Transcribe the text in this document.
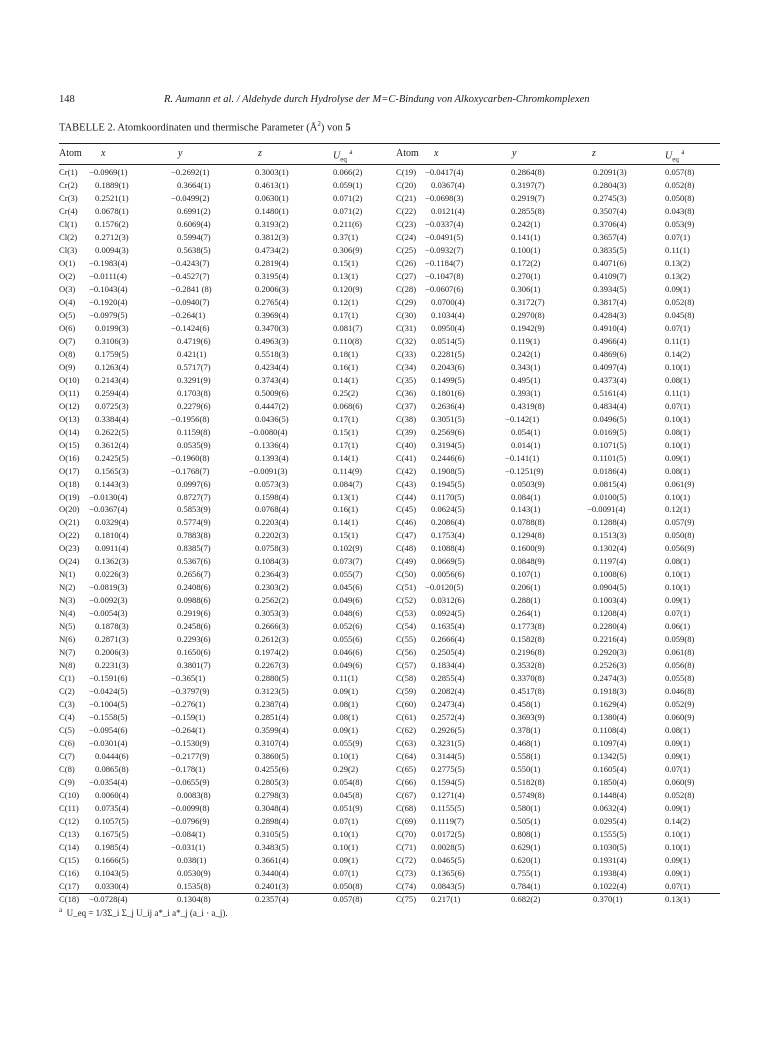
148	R. Aumann et al. / Aldehyde durch Hydrolyse der M=C-Bindung von Alkoxycarben-Chromkomplexen
TABELLE 2. Atomkoordinaten und thermische Parameter $(Å^2)$ von 5
Atom x	y	z	$U_{eq}$ $^a$	Atom x	y	z	$U_{eq}$ $^a$
Cr(1) −0.0969(1)	−0.2692(1)	0.3003(1)	0.066(2)	C(19) −0.0417(4)	0.2864(8)	0.2091(3)	0.057(8)
Cr(2) 0.1889(1)	0.3664(1)	0.4613(1)	0.059(1)	C(20) 0.0367(4)	0.3197(7)	0.2804(3)	0.052(8)
Cr(3) 0.2521(1)	−0.0499(2)	0.0630(1)	0.071(2)	C(21) −0.0698(3)	0.2919(7)	0.2745(3)	0.050(8)
Cr(4) 0.0678(1)	0.6991(2)	0.1480(1)	0.071(2)	C(22) 0.0121(4)	0.2855(8)	0.3507(4)	0.043(8)
Cl(1) 0.1576(2)	0.6069(4)	0.3193(2)	0.211(6)	C(23) −0.0337(4)	0.242(1)	0.3706(4)	0.053(9)
Cl(2) 0.2712(3)	0.5994(7)	0.3812(3)	0.37(1)	C(24) −0.0491(5)	0.141(1)	0.3657(4)	0.07(1)
Cl(3) 0.0094(3)	0.5638(5)	0.4734(2)	0.306(9)	C(25) −0.0932(7)	0.100(1)	0.3835(5)	0.11(1)
O(1) −0.1983(4)	−0.4243(7)	0.2819(4)	0.15(1)	C(26) −0.1184(7)	0.172(2)	0.4071(6)	0.13(2)
O(2) −0.0111(4)	−0.4527(7)	0.3195(4)	0.13(1)	C(27) −0.1047(8)	0.270(1)	0.4109(7)	0.13(2)
O(3) −0.1043(4)	−0.2841 (8)	0.2006(3)	0.120(9)	C(28) −0.0607(6)	0.306(1)	0.3934(5)	0.09(1)
O(4) −0.1920(4)	−0.0940(7)	0.2765(4)	0.12(1)	C(29) 0.0700(4)	0.3172(7)	0.3817(4)	0.052(8)
O(5) −0.0979(5)	−0.264(1)	0.3969(4)	0.17(1)	C(30) 0.1034(4)	0.2970(8)	0.4284(3)	0.045(8)
O(6) 0.0199(3)	−0.1424(6)	0.3470(3)	0.081(7)	C(31) 0.0950(4)	0.1942(9)	0.4910(4)	0.07(1)
O(7) 0.3106(3)	0.4719(6)	0.4963(3)	0.110(8)	C(32) 0.0514(5)	0.119(1)	0.4966(4)	0.11(1)
O(8) 0.1759(5)	0.421(1)	0.5518(3)	0.18(1)	C(33) 0.2281(5)	0.242(1)	0.4869(6)	0.14(2)
O(9) 0.1263(4)	0.5717(7)	0.4234(4)	0.16(1)	C(34) 0.2043(6)	0.343(1)	0.4097(4)	0.10(1)
O(10) 0.2143(4)	0.3291(9)	0.3743(4)	0.14(1)	C(35) 0.1499(5)	0.495(1)	0.4373(4)	0.08(1)
O(11) 0.2594(4)	0.1703(8)	0.5009(6)	0.25(2)	C(36) 0.1801(6)	0.393(1)	0.5161(4)	0.11(1)
O(12) 0.0725(3)	0.2279(6)	0.4447(2)	0.068(6)	C(37) 0.2636(4)	0.4319(8)	0.4834(4)	0.07(1)
O(13) 0.3384(4)	−0.1956(8)	0.0436(5)	0.17(1)	C(38) 0.3051(5)	−0.142(1)	0.0496(5)	0.10(1)
O(14) 0.2622(5)	0.1159(8)	−0.0080(4)	0.15(1)	C(39) 0.2569(6)	0.054(1)	0.0169(5)	0.08(1)
O(15) 0.3612(4)	0.0535(9)	0.1336(4)	0.17(1)	C(40) 0.3194(5)	0.014(1)	0.1071(5)	0.10(1)
O(16) 0.2425(5)	−0.1960(8)	0.1393(4)	0.14(1)	C(41) 0.2446(6)	−0.141(1)	0.1101(5)	0.09(1)
O(17) 0.1565(3)	−0.1768(7)	−0.0091(3)	0.114(9)	C(42) 0.1908(5)	−0.1251(9)	0.0186(4)	0.08(1)
O(18) 0.1443(3)	0.0997(6)	0.0573(3)	0.084(7)	C(43) 0.1945(5)	0.0503(9)	0.0815(4)	0.061(9)
O(19) −0.0130(4)	0.8727(7)	0.1598(4)	0.13(1)	C(44) 0.1170(5)	0.084(1)	0.0100(5)	0.10(1)
O(20) −0.0367(4)	0.5853(9)	0.0768(4)	0.16(1)	C(45) 0.0624(5)	0.143(1)	−0.0091(4)	0.12(1)
O(21) 0.0329(4)	0.5774(9)	0.2203(4)	0.14(1)	C(46) 0.2086(4)	0.0788(8)	0.1288(4)	0.057(9)
O(22) 0.1810(4)	0.7883(8)	0.2202(3)	0.15(1)	C(47) 0.1753(4)	0.1294(8)	0.1513(3)	0.050(8)
O(23) 0.0911(4)	0.8385(7)	0.0758(3)	0.102(9)	C(48) 0.1088(4)	0.1600(9)	0.1302(4)	0.056(9)
O(24) 0.1362(3)	0.5367(6)	0.1084(3)	0.073(7)	C(49) 0.0669(5)	0.0848(9)	0.1197(4)	0.08(1)
N(1) 0.0226(3)	0.2656(7)	0.2364(3)	0.055(7)	C(50) 0.0056(6)	0.107(1)	0.1008(6)	0.10(1)
N(2) −0.0819(3)	0.2408(6)	0.2303(2)	0.045(6)	C(51) −0.0120(5)	0.206(1)	0.0904(5)	0.10(1)
N(3) −0.0092(3)	0.0988(6)	0.2562(2)	0.049(6)	C(52) 0.0312(6)	0.288(1)	0.1003(4)	0.09(1)
N(4) −0.0054(3)	0.2919(6)	0.3053(3)	0.048(6)	C(53) 0.0924(5)	0.264(1)	0.1208(4)	0.07(1)
N(5) 0.1878(3)	0.2458(6)	0.2666(3)	0.052(6)	C(54) 0.1635(4)	0.1773(8)	0.2280(4)	0.06(1)
N(6) 0.2871(3)	0.2293(6)	0.2612(3)	0.055(6)	C(55) 0.2666(4)	0.1582(8)	0.2216(4)	0.059(8)
N(7) 0.2006(3)	0.1650(6)	0.1974(2)	0.046(6)	C(56) 0.2505(4)	0.2196(8)	0.2920(3)	0.061(8)
N(8) 0.2231(3)	0.3801(7)	0.2267(3)	0.049(6)	C(57) 0.1834(4)	0.3532(8)	0.2526(3)	0.056(8)
C(1) −0.1591(6)	−0.365(1)	0.2880(5)	0.11(1)	C(58) 0.2855(4)	0.3370(8)	0.2474(3)	0.055(8)
C(2) −0.0424(5)	−0.3797(9)	0.3123(5)	0.09(1)	C(59) 0.2082(4)	0.4517(8)	0.1918(3)	0.046(8)
C(3) −0.1004(5)	−0.276(1)	0.2387(4)	0.08(1)	C(60) 0.2473(4)	0.458(1)	0.1629(4)	0.052(9)
C(4) −0.1558(5)	−0.159(1)	0.2851(4)	0.08(1)	C(61) 0.2572(4)	0.3693(9)	0.1380(4)	0.060(9)
C(5) −0.0954(6)	−0.264(1)	0.3599(4)	0.09(1)	C(62) 0.2926(5)	0.378(1)	0.1108(4)	0.08(1)
C(6) −0.0301(4)	−0.1530(9)	0.3107(4)	0.055(9)	C(63) 0.3231(5)	0.468(1)	0.1097(4)	0.09(1)
C(7) 0.0444(6)	−0.2177(9)	0.3860(5)	0.10(1)	C(64) 0.3144(5)	0.558(1)	0.1342(5)	0.09(1)
C(8) 0.0865(8)	−0.178(1)	0.4255(6)	0.29(2)	C(65) 0.2775(5)	0.550(1)	0.1605(4)	0.07(1)
C(9) −0.0354(4)	−0.0655(9)	0.2805(3)	0.054(8)	C(66) 0.1594(5)	0.5182(8)	0.1850(4)	0.060(9)
C(10) 0.0060(4)	0.0083(8)	0.2798(3)	0.045(8)	C(67) 0.1271(4)	0.5749(8)	0.1448(4)	0.052(8)
C(11) 0.0735(4)	−0.0099(8)	0.3048(4)	0.051(9)	C(68) 0.1155(5)	0.580(1)	0.0632(4)	0.09(1)
C(12) 0.1057(5)	−0.0796(9)	0.2898(4)	0.07(1)	C(69) 0.1119(7)	0.505(1)	0.0295(4)	0.14(2)
C(13) 0.1675(5)	−0.084(1)	0.3105(5)	0.10(1)	C(70) 0.0172(5)	0.808(1)	0.1555(5)	0.10(1)
C(14) 0.1985(4)	−0.031(1)	0.3483(5)	0.10(1)	C(71) 0.0028(5)	0.629(1)	0.1030(5)	0.10(1)
C(15) 0.1666(5)	0.038(1)	0.3661(4)	0.09(1)	C(72) 0.0465(5)	0.620(1)	0.1931(4)	0.09(1)
C(16) 0.1043(5)	0.0530(9)	0.3440(4)	0.07(1)	C(73) 0.1365(6)	0.755(1)	0.1938(4)	0.09(1)
C(17) 0.0330(4)	0.1535(8)	0.2401(3)	0.050(8)	C(74) 0.0843(5)	0.784(1)	0.1022(4)	0.07(1)
C(18) −0.0728(4)	0.1304(8)	0.2357(4)	0.057(8)	C(75) 0.217(1)	0.682(2)	0.370(1)	0.13(1)
$^a$ U_eq = 1/3Σ_i Σ_j U_ij a*_i a*_j (a_i · a_j).
